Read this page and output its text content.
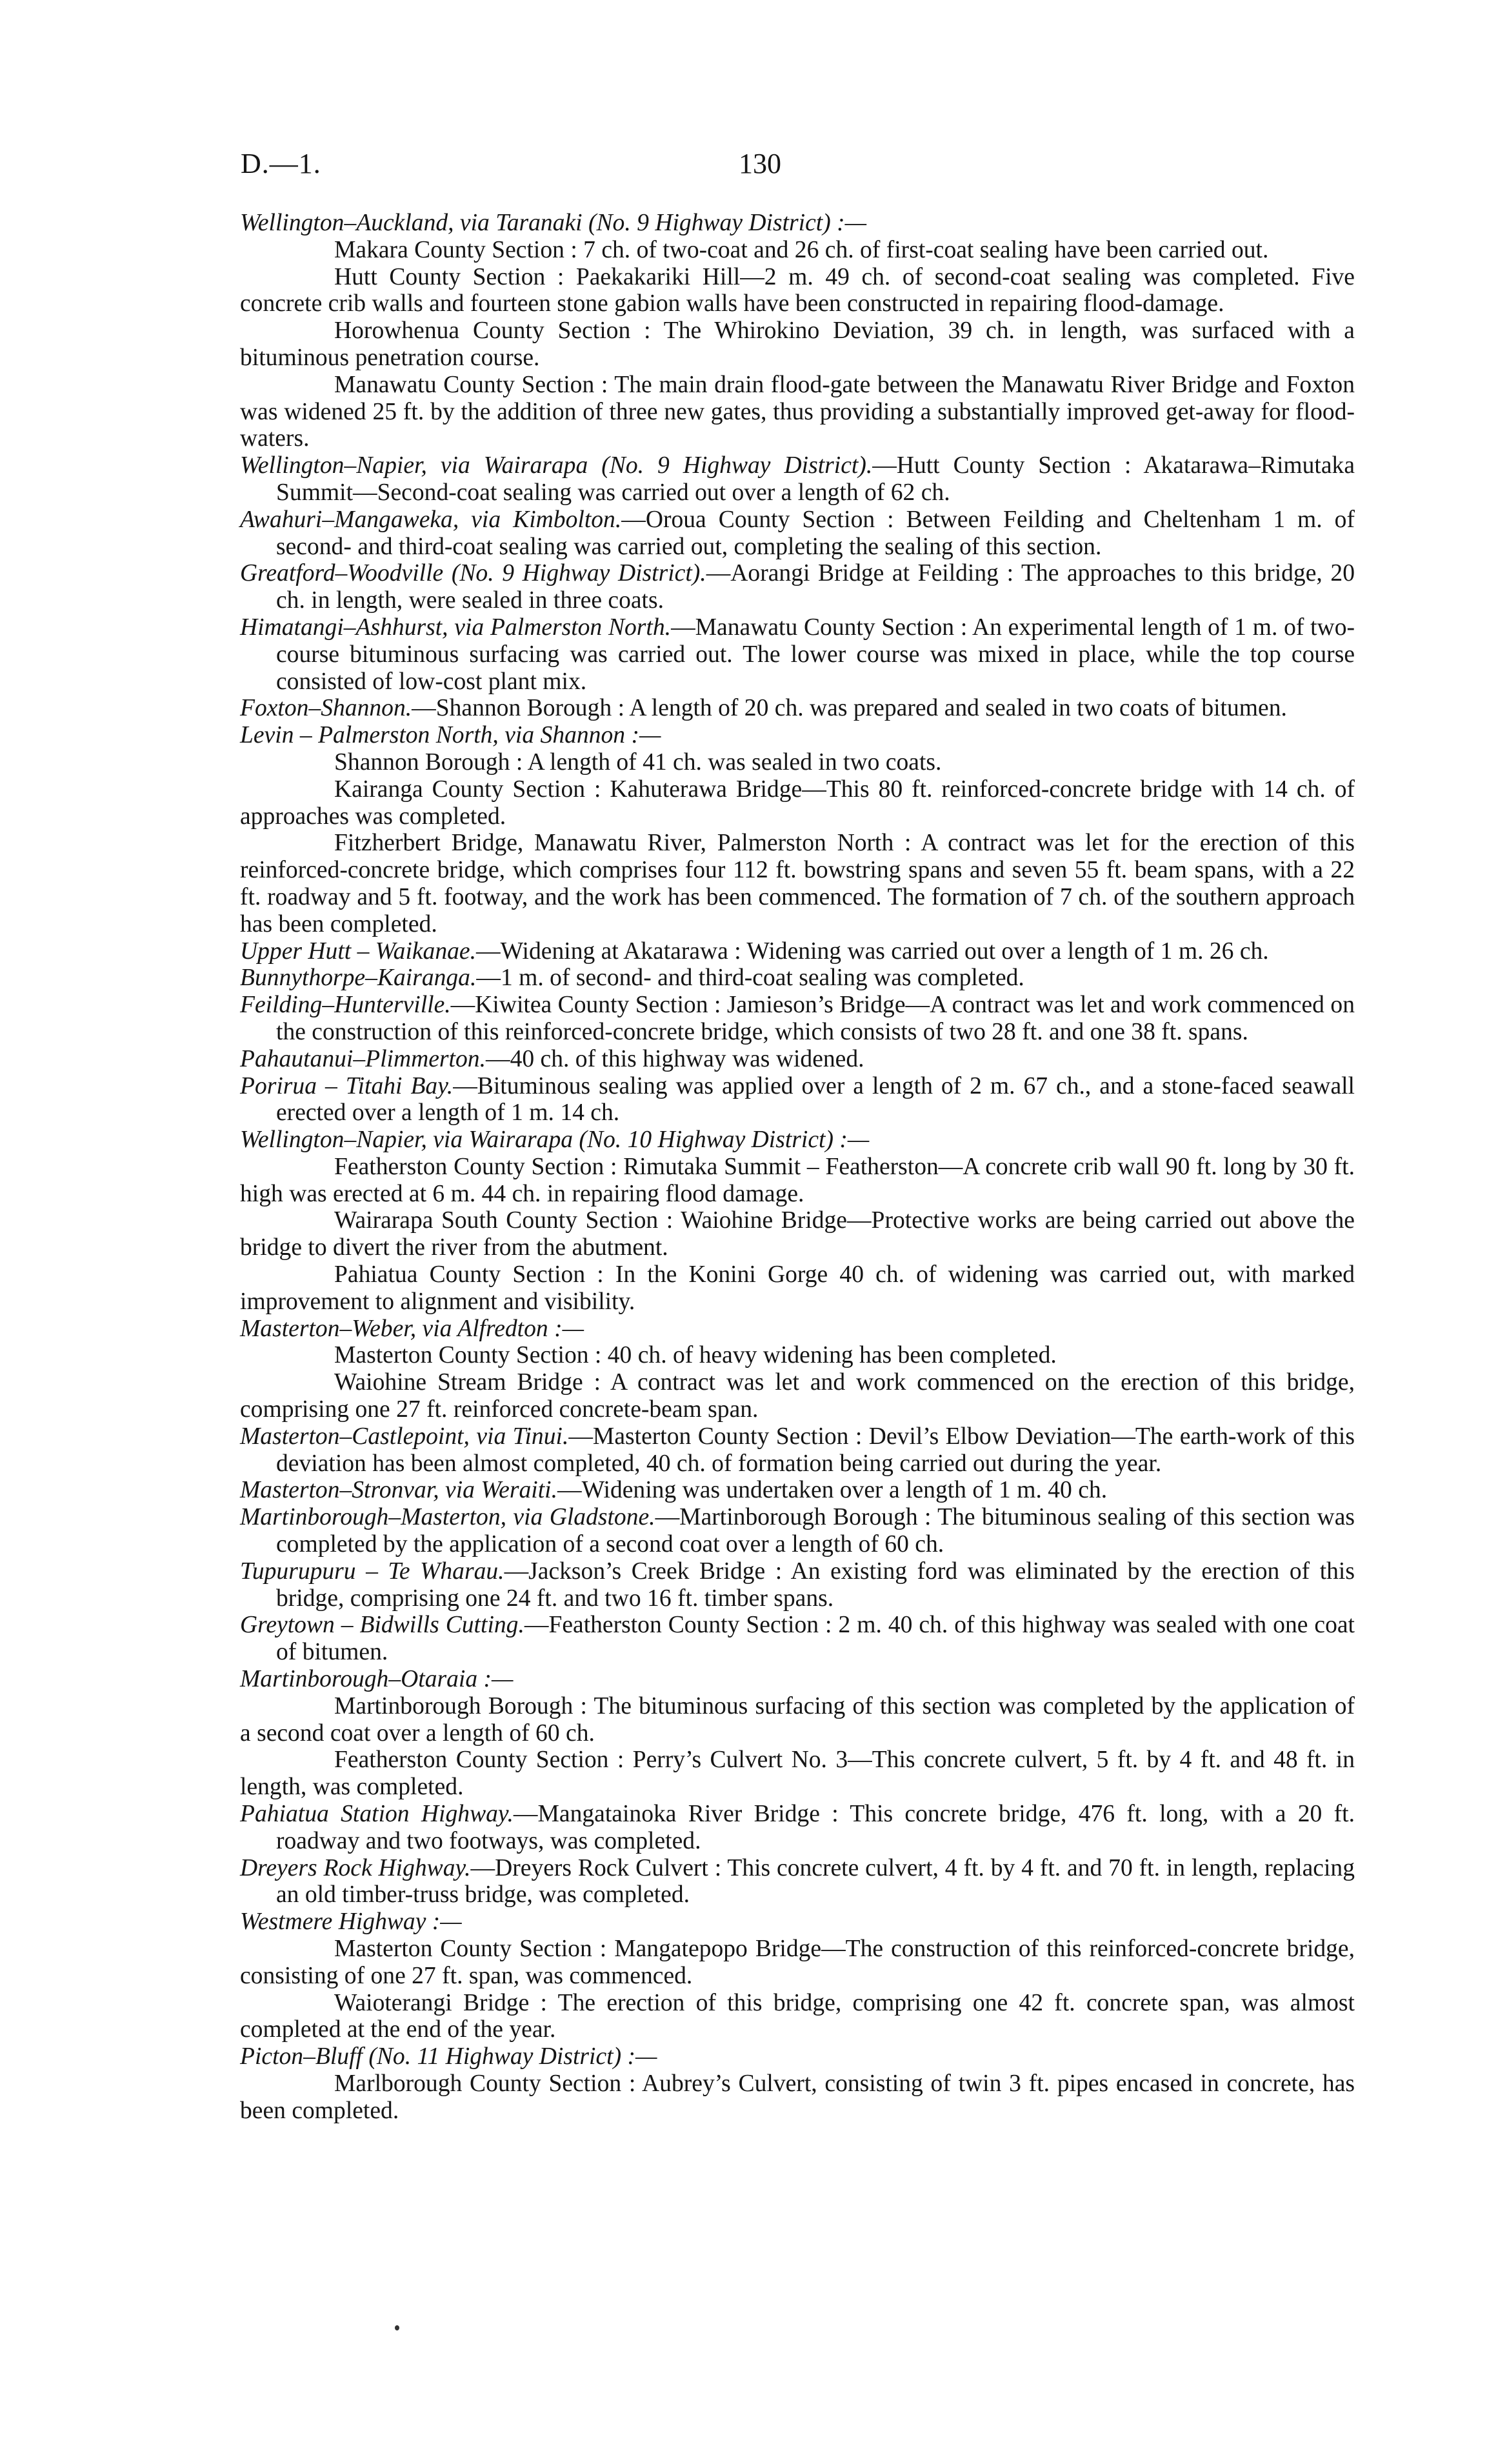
D.—1.	130

Wellington–Auckland, via Taranaki (No. 9 Highway District) :—

Makara County Section : 7 ch. of two-coat and 26 ch. of first-coat sealing have been carried out.

Hutt County Section : Paekakariki Hill—2 m. 49 ch. of second-coat sealing was completed. Five concrete crib walls and fourteen stone gabion walls have been constructed in repairing flood-damage.

Horowhenua County Section : The Whirokino Deviation, 39 ch. in length, was surfaced with a bituminous penetration course.

Manawatu County Section : The main drain flood-gate between the Manawatu River Bridge and Foxton was widened 25 ft. by the addition of three new gates, thus providing a substantially improved get-away for flood-waters.

Wellington–Napier, via Wairarapa (No. 9 Highway District).—Hutt County Section : Akatarawa–Rimutaka Summit—Second-coat sealing was carried out over a length of 62 ch.

Awahuri–Mangaweka, via Kimbolton.—Oroua County Section : Between Feilding and Cheltenham 1 m. of second- and third-coat sealing was carried out, completing the sealing of this section.

Greatford–Woodville (No. 9 Highway District).—Aorangi Bridge at Feilding : The approaches to this bridge, 20 ch. in length, were sealed in three coats.

Himatangi–Ashhurst, via Palmerston North.—Manawatu County Section : An experimental length of 1 m. of two-course bituminous surfacing was carried out. The lower course was mixed in place, while the top course consisted of low-cost plant mix.

Foxton–Shannon.—Shannon Borough : A length of 20 ch. was prepared and sealed in two coats of bitumen.

Levin – Palmerston North, via Shannon :—

Shannon Borough : A length of 41 ch. was sealed in two coats.

Kairanga County Section : Kahuterawa Bridge—This 80 ft. reinforced-concrete bridge with 14 ch. of approaches was completed.

Fitzherbert Bridge, Manawatu River, Palmerston North : A contract was let for the erection of this reinforced-concrete bridge, which comprises four 112 ft. bowstring spans and seven 55 ft. beam spans, with a 22 ft. roadway and 5 ft. footway, and the work has been commenced. The formation of 7 ch. of the southern approach has been completed.

Upper Hutt – Waikanae.—Widening at Akatarawa : Widening was carried out over a length of 1 m. 26 ch.

Bunnythorpe–Kairanga.—1 m. of second- and third-coat sealing was completed.

Feilding–Hunterville.—Kiwitea County Section : Jamieson’s Bridge—A contract was let and work commenced on the construction of this reinforced-concrete bridge, which consists of two 28 ft. and one 38 ft. spans.

Pahautanui–Plimmerton.—40 ch. of this highway was widened.

Porirua – Titahi Bay.—Bituminous sealing was applied over a length of 2 m. 67 ch., and a stone-faced seawall erected over a length of 1 m. 14 ch.

Wellington–Napier, via Wairarapa (No. 10 Highway District) :—

Featherston County Section : Rimutaka Summit – Featherston—A concrete crib wall 90 ft. long by 30 ft. high was erected at 6 m. 44 ch. in repairing flood damage.

Wairarapa South County Section : Waiohine Bridge—Protective works are being carried out above the bridge to divert the river from the abutment.

Pahiatua County Section : In the Konini Gorge 40 ch. of widening was carried out, with marked improvement to alignment and visibility.

Masterton–Weber, via Alfredton :—

Masterton County Section : 40 ch. of heavy widening has been completed.

Waiohine Stream Bridge : A contract was let and work commenced on the erection of this bridge, comprising one 27 ft. reinforced concrete-beam span.

Masterton–Castlepoint, via Tinui.—Masterton County Section : Devil’s Elbow Deviation—The earth-work of this deviation has been almost completed, 40 ch. of formation being carried out during the year.

Masterton–Stronvar, via Weraiti.—Widening was undertaken over a length of 1 m. 40 ch.

Martinborough–Masterton, via Gladstone.—Martinborough Borough : The bituminous sealing of this section was completed by the application of a second coat over a length of 60 ch.

Tupurupuru – Te Wharau.—Jackson’s Creek Bridge : An existing ford was eliminated by the erection of this bridge, comprising one 24 ft. and two 16 ft. timber spans.

Greytown – Bidwills Cutting.—Featherston County Section : 2 m. 40 ch. of this highway was sealed with one coat of bitumen.

Martinborough–Otaraia :—

Martinborough Borough : The bituminous surfacing of this section was completed by the application of a second coat over a length of 60 ch.

Featherston County Section : Perry’s Culvert No. 3—This concrete culvert, 5 ft. by 4 ft. and 48 ft. in length, was completed.

Pahiatua Station Highway.—Mangatainoka River Bridge : This concrete bridge, 476 ft. long, with a 20 ft. roadway and two footways, was completed.

Dreyers Rock Highway.—Dreyers Rock Culvert : This concrete culvert, 4 ft. by 4 ft. and 70 ft. in length, replacing an old timber-truss bridge, was completed.

Westmere Highway :—

Masterton County Section : Mangatepopo Bridge—The construction of this reinforced-concrete bridge, consisting of one 27 ft. span, was commenced.

Waioterangi Bridge : The erection of this bridge, comprising one 42 ft. concrete span, was almost completed at the end of the year.

Picton–Bluff (No. 11 Highway District) :—

Marlborough County Section : Aubrey’s Culvert, consisting of twin 3 ft. pipes encased in concrete, has been completed.
